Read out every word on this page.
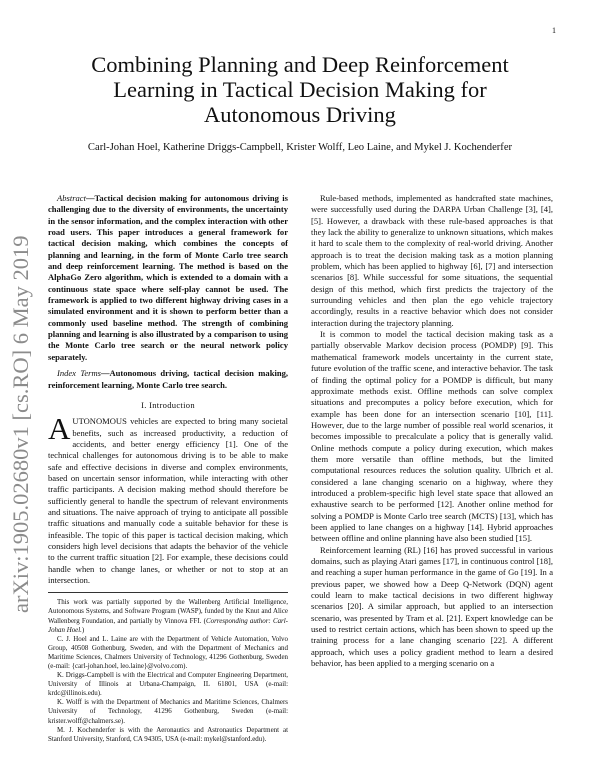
1
arXiv:1905.02680v1 [cs.RO] 6 May 2019
Combining Planning and Deep Reinforcement
Learning in Tactical Decision Making for
Autonomous Driving
Carl-Johan Hoel, Katherine Driggs-Campbell, Krister Wolff, Leo Laine, and Mykel J. Kochenderfer

Abstract—Tactical decision making for autonomous driving is challenging due to the diversity of environments, the uncertainty in the sensor information, and the complex interaction with other road users. This paper introduces a general framework for tactical decision making, which combines the concepts of planning and learning, in the form of Monte Carlo tree search and deep reinforcement learning. The method is based on the AlphaGo Zero algorithm, which is extended to a domain with a continuous state space where self-play cannot be used. The framework is applied to two different highway driving cases in a simulated environment and it is shown to perform better than a commonly used baseline method. The strength of combining planning and learning is also illustrated by a comparison to using the Monte Carlo tree search or the neural network policy separately.

Index Terms—Autonomous driving, tactical decision making, reinforcement learning, Monte Carlo tree search.

I. Introduction

AUTONOMOUS vehicles are expected to bring many societal benefits, such as increased productivity, a reduction of accidents, and better energy efficiency [1]. One of the technical challenges for autonomous driving is to be able to make safe and effective decisions in diverse and complex environments, based on uncertain sensor information, while interacting with other traffic participants. A decision making method should therefore be sufficiently general to handle the spectrum of relevant environments and situations. The naive approach of trying to anticipate all possible traffic situations and manually code a suitable behavior for these is infeasible. The topic of this paper is tactical decision making, which considers high level decisions that adapts the behavior of the vehicle to the current traffic situation [2]. For example, these decisions could handle when to change lanes, or whether or not to stop at an intersection.

This work was partially supported by the Wallenberg Artificial Intelligence, Autonomous Systems, and Software Program (WASP), funded by the Knut and Alice Wallenberg Foundation, and partially by Vinnova FFI. (Corresponding author: Carl-Johan Hoel.)

C. J. Hoel and L. Laine are with the Department of Vehicle Automation, Volvo Group, 40508 Gothenburg, Sweden, and with the Department of Mechanics and Maritime Sciences, Chalmers University of Technology, 41296 Gothenburg, Sweden (e-mail: {carl-johan.hoel, leo.laine}@volvo.com).

K. Driggs-Campbell is with the Electrical and Computer Engineering Department, University of Illinois at Urbana-Champaign, IL 61801, USA (e-mail: krdc@illinois.edu).

K. Wolff is with the Department of Mechanics and Maritime Sciences, Chalmers University of Technology, 41296 Gothenburg, Sweden (e-mail: krister.wolff@chalmers.se).

M. J. Kochenderfer is with the Aeronautics and Astronautics Department at Stanford University, Stanford, CA 94305, USA (e-mail: mykel@stanford.edu).

Rule-based methods, implemented as handcrafted state machines, were successfully used during the DARPA Urban Challenge [3], [4], [5]. However, a drawback with these rule-based approaches is that they lack the ability to generalize to unknown situations, which makes it hard to scale them to the complexity of real-world driving. Another approach is to treat the decision making task as a motion planning problem, which has been applied to highway [6], [7] and intersection scenarios [8]. While successful for some situations, the sequential design of this method, which first predicts the trajectory of the surrounding vehicles and then plan the ego vehicle trajectory accordingly, results in a reactive behavior which does not consider interaction during the trajectory planning.

It is common to model the tactical decision making task as a partially observable Markov decision process (POMDP) [9]. This mathematical framework models uncertainty in the current state, future evolution of the traffic scene, and interactive behavior. The task of finding the optimal policy for a POMDP is difficult, but many approximate methods exist. Offline methods can solve complex situations and precomputes a policy before execution, which for example has been done for an intersection scenario [10], [11]. However, due to the large number of possible real world scenarios, it becomes impossible to precalculate a policy that is generally valid. Online methods compute a policy during execution, which makes them more versatile than offline methods, but the limited computational resources reduces the solution quality. Ulbrich et al. considered a lane changing scenario on a highway, where they introduced a problem-specific high level state space that allowed an exhaustive search to be performed [12]. Another online method for solving a POMDP is Monte Carlo tree search (MCTS) [13], which has been applied to lane changes on a highway [14]. Hybrid approaches between offline and online planning have also been studied [15].

Reinforcement learning (RL) [16] has proved successful in various domains, such as playing Atari games [17], in continuous control [18], and reaching a super human performance in the game of Go [19]. In a previous paper, we showed how a Deep Q-Network (DQN) agent could learn to make tactical decisions in two different highway scenarios [20]. A similar approach, but applied to an intersection scenario, was presented by Tram et al. [21]. Expert knowledge can be used to restrict certain actions, which has been shown to speed up the training process for a lane changing scenario [22]. A different approach, which uses a policy gradient method to learn a desired behavior, has been applied to a merging scenario on a
